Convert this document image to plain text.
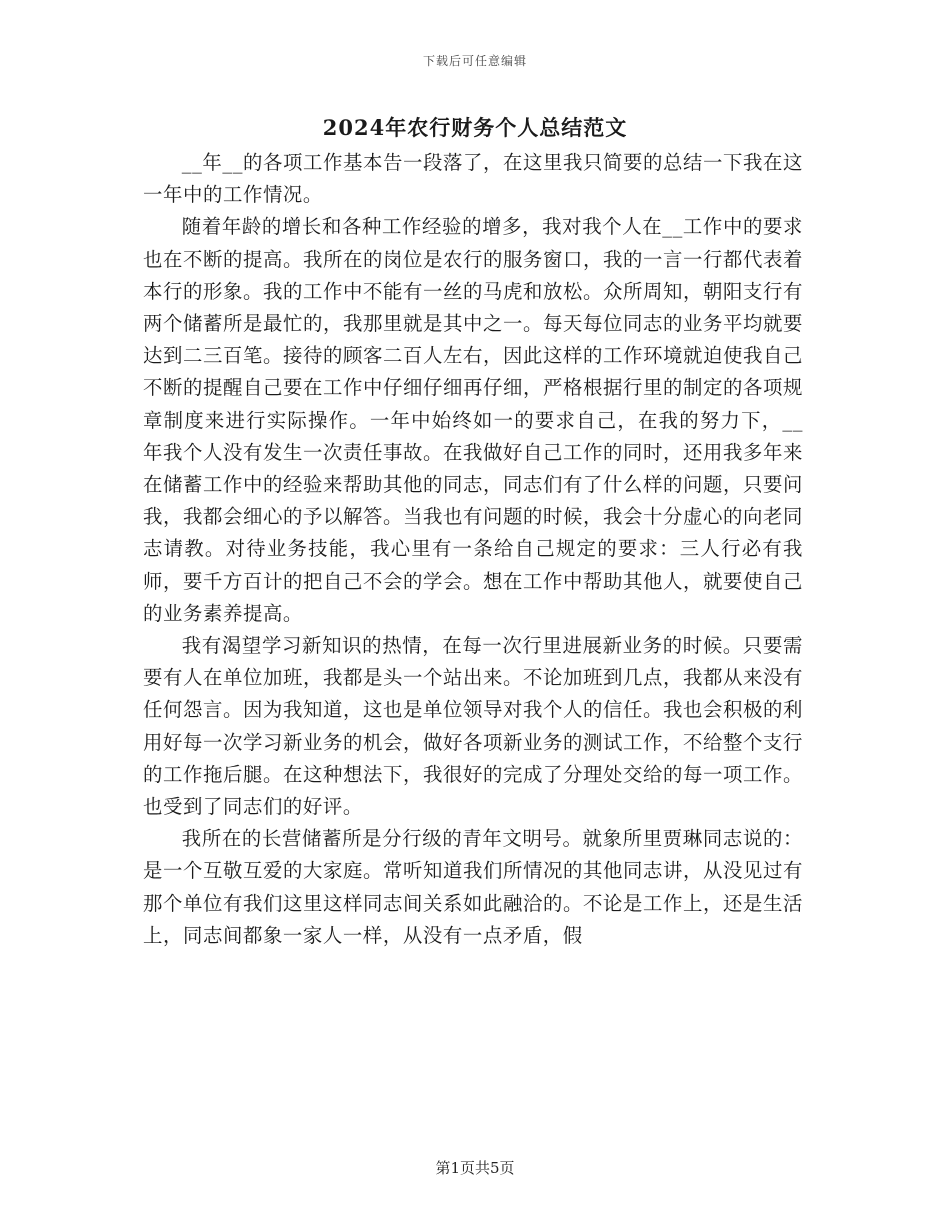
下载后可任意编辑
2024年农行财务个人总结范文

__年__的各项工作基本告一段落了，在这里我只简要的总结一下我在这一年中的工作情况。

随着年龄的增长和各种工作经验的增多，我对我个人在__工作中的要求也在不断的提高。我所在的岗位是农行的服务窗口，我的一言一行都代表着本行的形象。我的工作中不能有一丝的马虎和放松。众所周知，朝阳支行有两个储蓄所是最忙的，我那里就是其中之一。每天每位同志的业务平均就要达到二三百笔。接待的顾客二百人左右，因此这样的工作环境就迫使我自己不断的提醒自己要在工作中仔细仔细再仔细，严格根据行里的制定的各项规章制度来进行实际操作。一年中始终如一的要求自己，在我的努力下，__年我个人没有发生一次责任事故。在我做好自己工作的同时，还用我多年来在储蓄工作中的经验来帮助其他的同志，同志们有了什么样的问题，只要问我，我都会细心的予以解答。当我也有问题的时候，我会十分虚心的向老同志请教。对待业务技能，我心里有一条给自己规定的要求：三人行必有我师，要千方百计的把自己不会的学会。想在工作中帮助其他人，就要使自己的业务素养提高。

我有渴望学习新知识的热情，在每一次行里进展新业务的时候。只要需要有人在单位加班，我都是头一个站出来。不论加班到几点，我都从来没有任何怨言。因为我知道，这也是单位领导对我个人的信任。我也会积极的利用好每一次学习新业务的机会，做好各项新业务的测试工作，不给整个支行的工作拖后腿。在这种想法下，我很好的完成了分理处交给的每一项工作。也受到了同志们的好评。

我所在的长营储蓄所是分行级的青年文明号。就象所里贾琳同志说的：是一个互敬互爱的大家庭。常听知道我们所情况的其他同志讲，从没见过有那个单位有我们这里这样同志间关系如此融洽的。不论是工作上，还是生活上，同志间都象一家人一样，从没有一点矛盾，假

第1页共5页
